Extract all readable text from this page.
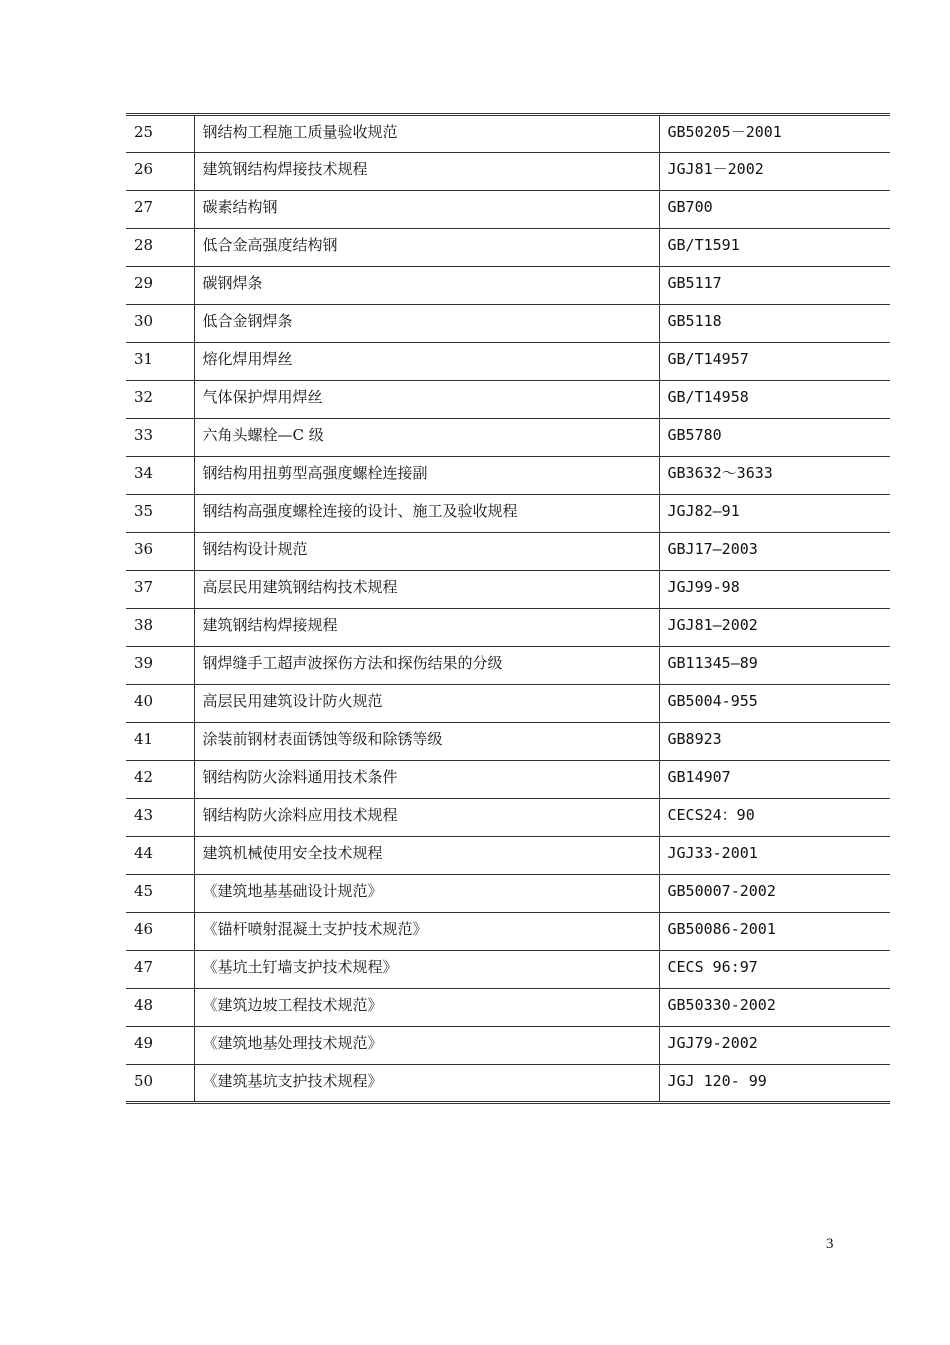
25	钢结构工程施工质量验收规范	GB50205－2001
26	建筑钢结构焊接技术规程	JGJ81－2002
27	碳素结构钢	GB700
28	低合金高强度结构钢	GB/T1591
29	碳钢焊条	GB5117
30	低合金钢焊条	GB5118
31	熔化焊用焊丝	GB/T14957
32	气体保护焊用焊丝	GB/T14958
33	六角头螺栓—C 级	GB5780
34	钢结构用扭剪型高强度螺栓连接副	GB3632～3633
35	钢结构高强度螺栓连接的设计、施工及验收规程	JGJ82—91
36	钢结构设计规范	GBJ17—2003
37	高层民用建筑钢结构技术规程	JGJ99-98
38	建筑钢结构焊接规程	JGJ81—2002
39	钢焊缝手工超声波探伤方法和探伤结果的分级	GB11345—89
40	高层民用建筑设计防火规范	GB5004-955
41	涂装前钢材表面锈蚀等级和除锈等级	GB8923
42	钢结构防火涂料通用技术条件	GB14907
43	钢结构防火涂料应用技术规程	CECS24：90
44	建筑机械使用安全技术规程	JGJ33-2001
45	《建筑地基基础设计规范》	GB50007-2002
46	《锚杆喷射混凝土支护技术规范》	GB50086-2001
47	《基坑土钉墙支护技术规程》	CECS 96:97
48	《建筑边坡工程技术规范》	GB50330-2002
49	《建筑地基处理技术规范》	JGJ79-2002
50	《建筑基坑支护技术规程》	JGJ 120- 99
3
